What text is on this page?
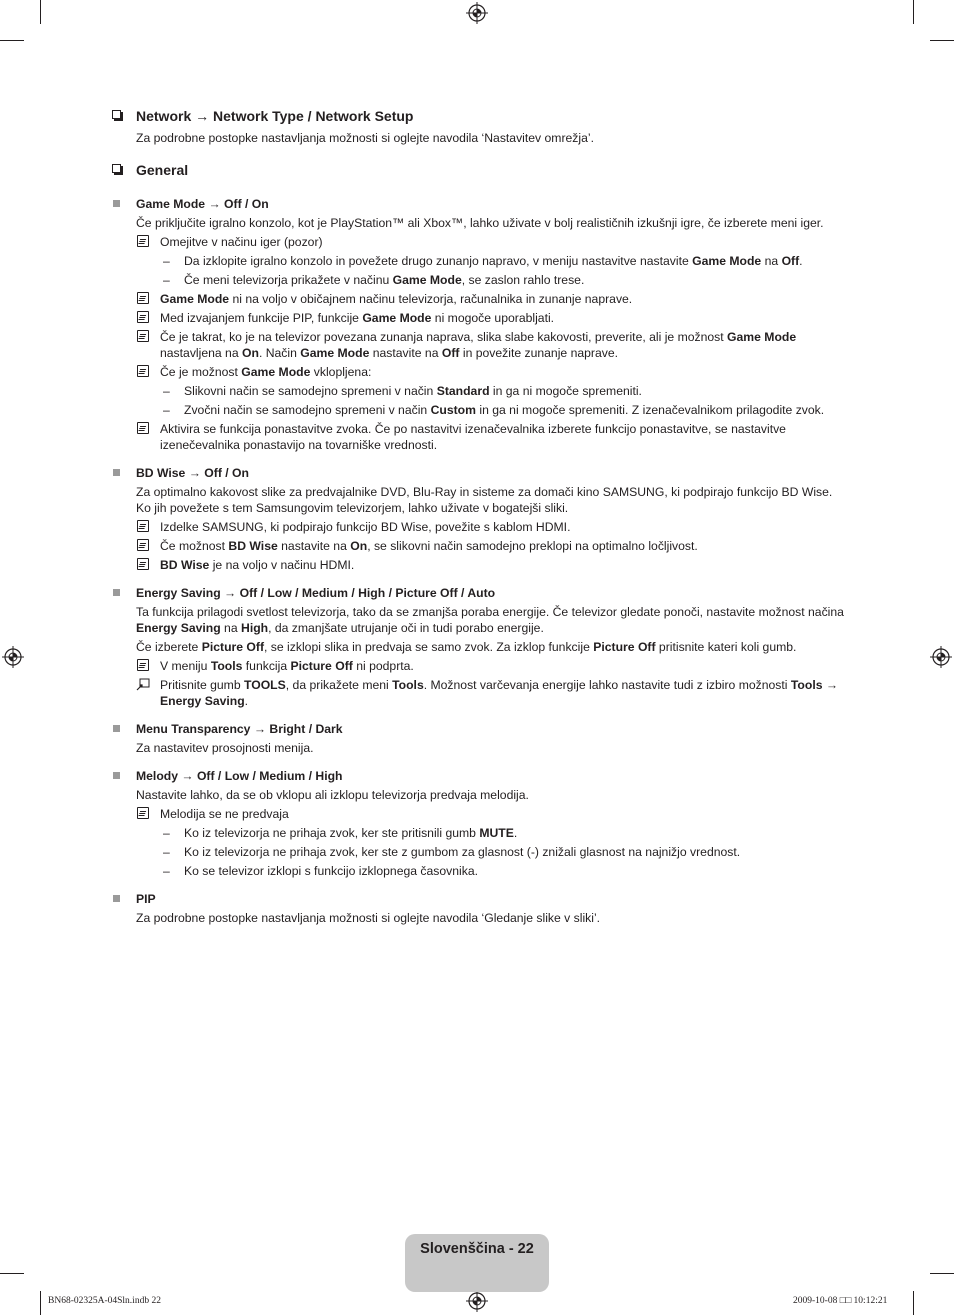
Network → Network Type / Network Setup
Za podrobne postopke nastavljanja možnosti si oglejte navodila ‘Nastavitev omrežja’.
General
Game Mode → Off / On
Če priključite igralno konzolo, kot je PlayStation™ ali Xbox™, lahko uživate v bolj realističnih izkušnji igre, če izberete meni iger.
Omejitve v načinu iger (pozor)
– Da izklopite igralno konzolo in povežete drugo zunanjo napravo, v meniju nastavitve nastavite Game Mode na Off.
– Če meni televizorja prikažete v načinu Game Mode, se zaslon rahlo trese.
Game Mode ni na voljo v običajnem načinu televizorja, računalnika in zunanje naprave.
Med izvajanjem funkcije PIP, funkcije Game Mode ni mogoče uporabljati.
Če je takrat, ko je na televizor povezana zunanja naprava, slika slabe kakovosti, preverite, ali je možnost Game Mode nastavljena na On. Način Game Mode nastavite na Off in povežite zunanje naprave.
Če je možnost Game Mode vklopljena:
– Slikovni način se samodejno spremeni v način Standard in ga ni mogoče spremeniti.
– Zvočni način se samodejno spremeni v način Custom in ga ni mogoče spremeniti. Z izenačevalnikom prilagodite zvok.
Aktivira se funkcija ponastavitve zvoka. Če po nastavitvi izenačevalnika izberete funkcijo ponastavitve, se nastavitve izenečevalnika ponastavijo na tovarniške vrednosti.
BD Wise → Off / On
Za optimalno kakovost slike za predvajalnike DVD, Blu-Ray in sisteme za domači kino SAMSUNG, ki podpirajo funkcijo BD Wise. Ko jih povežete s tem Samsungovim televizorjem, lahko uživate v bogatejši sliki.
Izdelke SAMSUNG, ki podpirajo funkcijo BD Wise, povežite s kablom HDMI.
Če možnost BD Wise nastavite na On, se slikovni način samodejno preklopi na optimalno ločljivost.
BD Wise je na voljo v načinu HDMI.
Energy Saving → Off / Low / Medium / High / Picture Off / Auto
Ta funkcija prilagodi svetlost televizorja, tako da se zmanjša poraba energije. Če televizor gledate ponoči, nastavite možnost načina Energy Saving na High, da zmanjšate utrujanje oči in tudi porabo energije.
Če izberete Picture Off, se izklopi slika in predvaja se samo zvok. Za izklop funkcije Picture Off pritisnite kateri koli gumb.
V meniju Tools funkcija Picture Off ni podprta.
Pritisnite gumb TOOLS, da prikažete meni Tools. Možnost varčevanja energije lahko nastavite tudi z izbiro možnosti Tools →
Energy Saving.
Menu Transparency → Bright / Dark
Za nastavitev prosojnosti menija.
Melody → Off / Low / Medium / High
Nastavite lahko, da se ob vklopu ali izklopu televizorja predvaja melodija.
Melodija se ne predvaja
– Ko iz televizorja ne prihaja zvok, ker ste pritisnili gumb MUTE.
– Ko iz televizorja ne prihaja zvok, ker ste z gumbom za glasnost (-) znižali glasnost na najnižjo vrednost.
– Ko se televizor izklopi s funkcijo izklopnega časovnika.
PIP
Za podrobne postopke nastavljanja možnosti si oglejte navodila ‘Gledanje slike v sliki’.
Slovenščina - 22
BN68-02325A-04Sln.indb 22	2009-10-08 □□ 10:12:21
